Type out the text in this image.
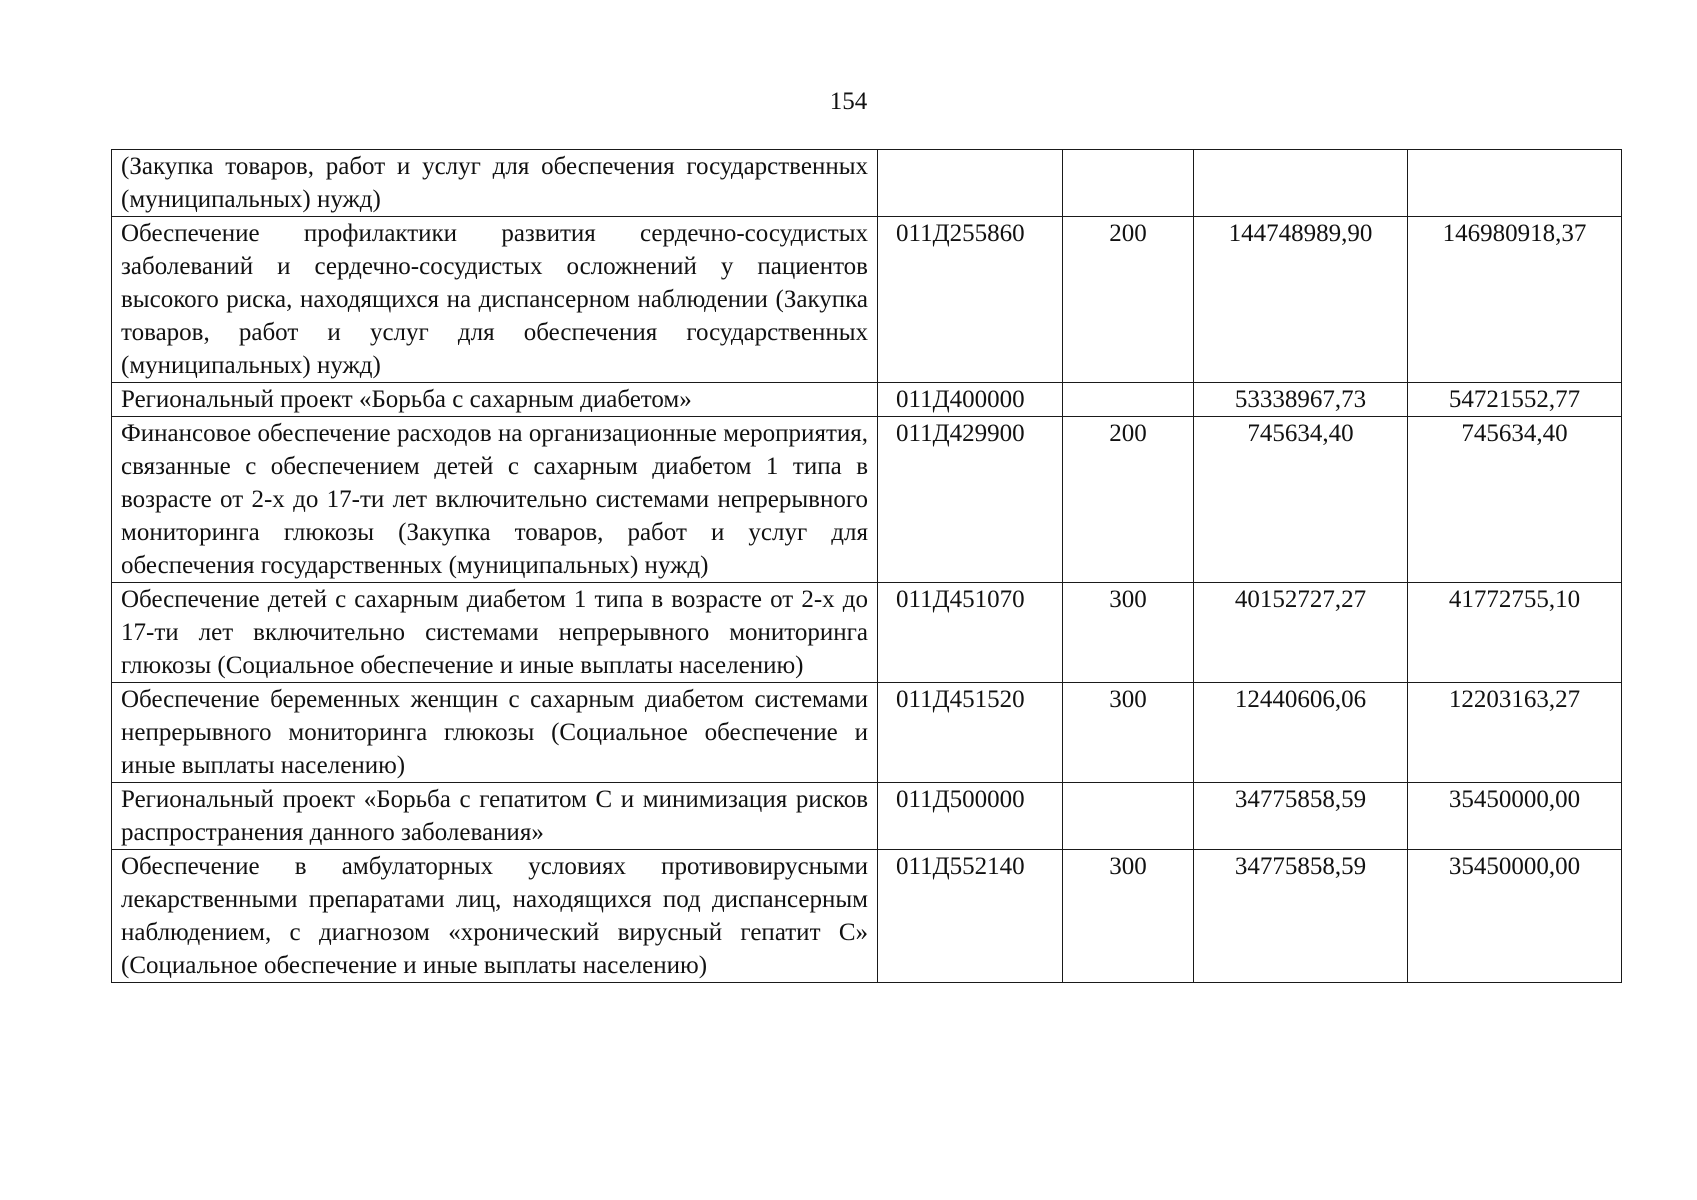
154
(Закупка товаров, работ и услуг для обеспечения государственных (муниципальных) нужд)				
Обеспечение профилактики развития сердечно-сосудистых заболеваний и сердечно-сосудистых осложнений у пациентов высокого риска, находящихся на диспансерном наблюдении (Закупка товаров, работ и услуг для обеспечения государственных (муниципальных) нужд)	011Д255860	200	144748989,90	146980918,37
Региональный проект «Борьба с сахарным диабетом»	011Д400000		53338967,73	54721552,77
Финансовое обеспечение расходов на организационные мероприятия, связанные с обеспечением детей с сахарным диабетом 1 типа в возрасте от 2-х до 17-ти лет включительно системами непрерывного мониторинга глюкозы (Закупка товаров, работ и услуг для обеспечения государственных (муниципальных) нужд)	011Д429900	200	745634,40	745634,40
Обеспечение детей с сахарным диабетом 1 типа в возрасте от 2-х до 17-ти лет включительно системами непрерывного мониторинга глюкозы (Социальное обеспечение и иные выплаты населению)	011Д451070	300	40152727,27	41772755,10
Обеспечение беременных женщин с сахарным диабетом системами непрерывного мониторинга глюкозы (Социальное обеспечение и иные выплаты населению)	011Д451520	300	12440606,06	12203163,27
Региональный проект «Борьба с гепатитом С и минимизация рисков распространения данного заболевания»	011Д500000		34775858,59	35450000,00
Обеспечение в амбулаторных условиях противовирусными лекарственными препаратами лиц, находящихся под диспансерным наблюдением, с диагнозом «хронический вирусный гепатит С» (Социальное обеспечение и иные выплаты населению)	011Д552140	300	34775858,59	35450000,00
